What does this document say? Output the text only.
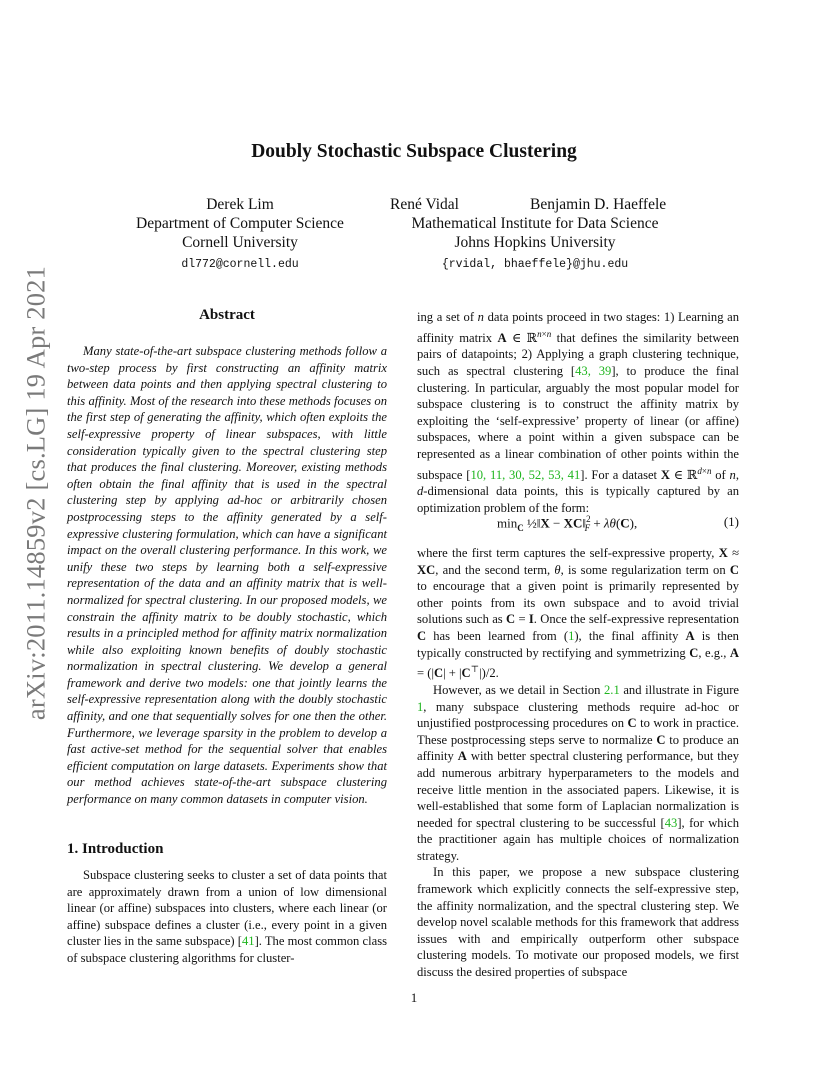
arXiv:2011.14859v2 [cs.LG] 19 Apr 2021
Doubly Stochastic Subspace Clustering
Derek Lim
Department of Computer Science
Cornell University
dl772@cornell.edu
René Vidal	Benjamin D. Haeffele
Mathematical Institute for Data Science
Johns Hopkins University
{rvidal, bhaeffele}@jhu.edu
Abstract
Many state-of-the-art subspace clustering methods follow a two-step process by first constructing an affinity matrix between data points and then applying spectral clustering to this affinity. Most of the research into these methods focuses on the first step of generating the affinity, which often exploits the self-expressive property of linear subspaces, with little consideration typically given to the spectral clustering step that produces the final clustering. Moreover, existing methods often obtain the final affinity that is used in the spectral clustering step by applying ad-hoc or arbitrarily chosen postprocessing steps to the affinity generated by a self-expressive clustering formulation, which can have a significant impact on the overall clustering performance. In this work, we unify these two steps by learning both a self-expressive representation of the data and an affinity matrix that is well-normalized for spectral clustering. In our proposed models, we constrain the affinity matrix to be doubly stochastic, which results in a principled method for affinity matrix normalization while also exploiting known benefits of doubly stochastic normalization in spectral clustering. We develop a general framework and derive two models: one that jointly learns the self-expressive representation along with the doubly stochastic affinity, and one that sequentially solves for one then the other. Furthermore, we leverage sparsity in the problem to develop a fast active-set method for the sequential solver that enables efficient computation on large datasets. Experiments show that our method achieves state-of-the-art subspace clustering performance on many common datasets in computer vision.
1. Introduction
Subspace clustering seeks to cluster a set of data points that are approximately drawn from a union of low dimensional linear (or affine) subspaces into clusters, where each linear (or affine) subspace defines a cluster (i.e., every point in a given cluster lies in the same subspace) [41]. The most common class of subspace clustering algorithms for cluster-
ing a set of n data points proceed in two stages: 1) Learning an affinity matrix A ∈ ℝ$^{n\times n}$ that defines the similarity between pairs of datapoints; 2) Applying a graph clustering technique, such as spectral clustering [43, 39], to produce the final clustering. In particular, arguably the most popular model for subspace clustering is to construct the affinity matrix by exploiting the ‘self-expressive’ property of linear (or affine) subspaces, where a point within a given subspace can be represented as a linear combination of other points within the subspace [10, 11, 30, 52, 53, 41]. For a dataset X ∈ ℝ$^{d\times n}$ of n, d-dimensional data points, this is typically captured by an optimization problem of the form:
$\min_C$ ½‖X − XC‖$^2_F$ + λθ(C),	(1)

where the first term captures the self-expressive property, X ≈ XC, and the second term, θ, is some regularization term on C to encourage that a given point is primarily represented by other points from its own subspace and to avoid trivial solutions such as C = I. Once the self-expressive representation C has been learned from (1), the final affinity A is then typically constructed by rectifying and symmetrizing C, e.g., A = (|C| + |C⊤|)/2.

However, as we detail in Section 2.1 and illustrate in Figure 1, many subspace clustering methods require ad-hoc or unjustified postprocessing procedures on C to work in practice. These postprocessing steps serve to normalize C to produce an affinity A with better spectral clustering performance, but they add numerous arbitrary hyperparameters to the models and receive little mention in the associated papers. Likewise, it is well-established that some form of Laplacian normalization is needed for spectral clustering to be successful [43], for which the practitioner again has multiple choices of normalization strategy.

In this paper, we propose a new subspace clustering framework which explicitly connects the self-expressive step, the affinity normalization, and the spectral clustering step. We develop novel scalable methods for this framework that address issues with and empirically outperform other subspace clustering models. To motivate our proposed models, we first discuss the desired properties of subspace

1
